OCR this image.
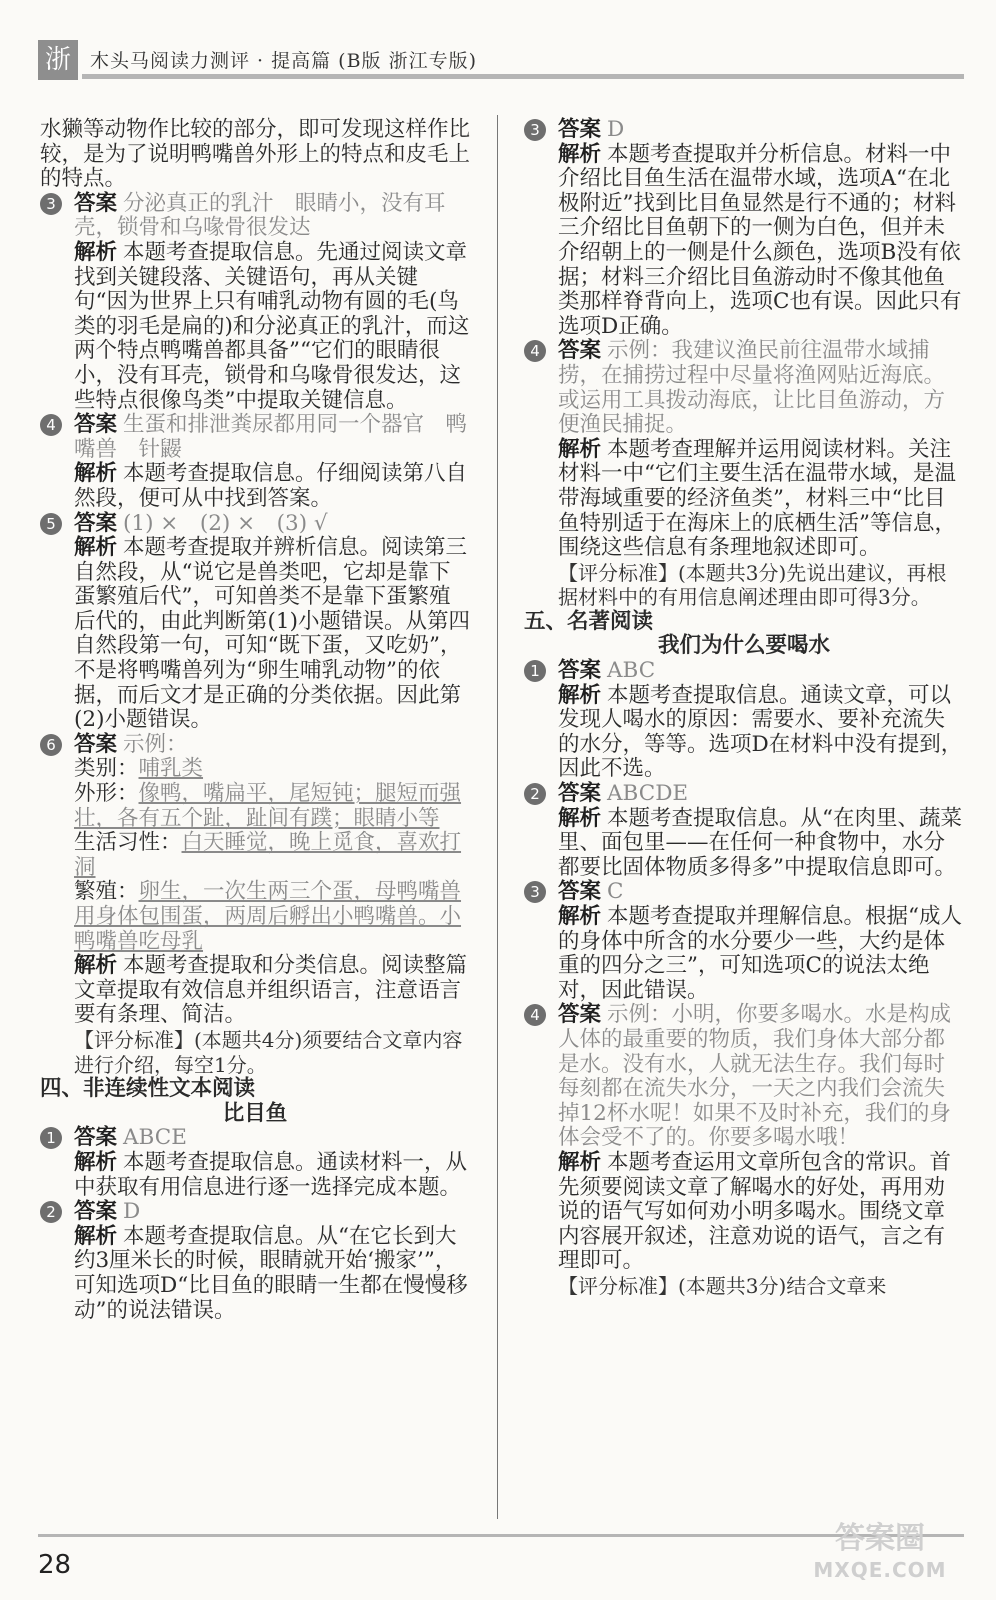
浙	木头马阅读力测评 · 提高篇 (B版 浙江专版)

水獭等动物作比较的部分，即可发现这样作比较，是为了说明鸭嘴兽外形上的特点和皮毛上的特点。

3 答案 分泌真正的乳汁　眼睛小，没有耳壳，锁骨和乌喙骨很发达

解析 本题考查提取信息。先通过阅读文章找到关键段落、关键语句，再从关键句“因为世界上只有哺乳动物有圆的毛(鸟类的羽毛是扁的)和分泌真正的乳汁，而这两个特点鸭嘴兽都具备”“它们的眼睛很小，没有耳壳，锁骨和乌喙骨很发达，这些特点很像鸟类”中提取关键信息。

4 答案 生蛋和排泄粪尿都用同一个器官　鸭嘴兽　针鼹

解析 本题考查提取信息。仔细阅读第八自然段，便可从中找到答案。

5 答案 (1) ×　(2) ×　(3) √

解析 本题考查提取并辨析信息。阅读第三自然段，从“说它是兽类吧，它却是靠下蛋繁殖后代”，可知兽类不是靠下蛋繁殖后代的，由此判断第(1)小题错误。从第四自然段第一句，可知“既下蛋，又吃奶”，不是将鸭嘴兽列为“卵生哺乳动物”的依据，而后文才是正确的分类依据。因此第(2)小题错误。

6 答案 示例：

类别：哺乳类

外形：像鸭，嘴扁平，尾短钝；腿短而强壮，各有五个趾，趾间有蹼；眼睛小等

生活习性：白天睡觉，晚上觅食，喜欢打洞

繁殖：卵生，一次生两三个蛋，母鸭嘴兽用身体包围蛋，两周后孵出小鸭嘴兽。小鸭嘴兽吃母乳

解析 本题考查提取和分类信息。阅读整篇文章提取有效信息并组织语言，注意语言要有条理、简洁。

【评分标准】(本题共4分)须要结合文章内容进行介绍，每空1分。

四、非连续性文本阅读

比目鱼

1 答案 ABCE

解析 本题考查提取信息。通读材料一，从中获取有用信息进行逐一选择完成本题。

2 答案 D

解析 本题考查提取信息。从“在它长到大约3厘米长的时候，眼睛就开始‘搬家’”，可知选项D“比目鱼的眼睛一生都在慢慢移动”的说法错误。

3 答案 D

解析 本题考查提取并分析信息。材料一中介绍比目鱼生活在温带水域，选项A“在北极附近”找到比目鱼显然是行不通的；材料三介绍比目鱼朝下的一侧为白色，但并未介绍朝上的一侧是什么颜色，选项B没有依据；材料三介绍比目鱼游动时不像其他鱼类那样脊背向上，选项C也有误。因此只有选项D正确。

4 答案 示例：我建议渔民前往温带水域捕捞，在捕捞过程中尽量将渔网贴近海底。或运用工具拨动海底，让比目鱼游动，方便渔民捕捉。

解析 本题考查理解并运用阅读材料。关注材料一中“它们主要生活在温带水域，是温带海域重要的经济鱼类”，材料三中“比目鱼特别适于在海床上的底栖生活”等信息，围绕这些信息有条理地叙述即可。

【评分标准】(本题共3分)先说出建议，再根据材料中的有用信息阐述理由即可得3分。

五、名著阅读

我们为什么要喝水

1 答案 ABC

解析 本题考查提取信息。通读文章，可以发现人喝水的原因：需要水、要补充流失的水分，等等。选项D在材料中没有提到，因此不选。

2 答案 ABCDE

解析 本题考查提取信息。从“在肉里、蔬菜里、面包里——在任何一种食物中，水分都要比固体物质多得多”中提取信息即可。

3 答案 C

解析 本题考查提取并理解信息。根据“成人的身体中所含的水分要少一些，大约是体重的四分之三”，可知选项C的说法太绝对，因此错误。

4 答案 示例：小明，你要多喝水。水是构成人体的最重要的物质，我们身体大部分都是水。没有水，人就无法生存。我们每时每刻都在流失水分，一天之内我们会流失掉12杯水呢！如果不及时补充，我们的身体会受不了的。你要多喝水哦！

解析 本题考查运用文章所包含的常识。首先须要阅读文章了解喝水的好处，再用劝说的语气写如何劝小明多喝水。围绕文章内容展开叙述，注意劝说的语气，言之有理即可。

【评分标准】(本题共3分)结合文章来

28
答案圈
MXQE.COM
